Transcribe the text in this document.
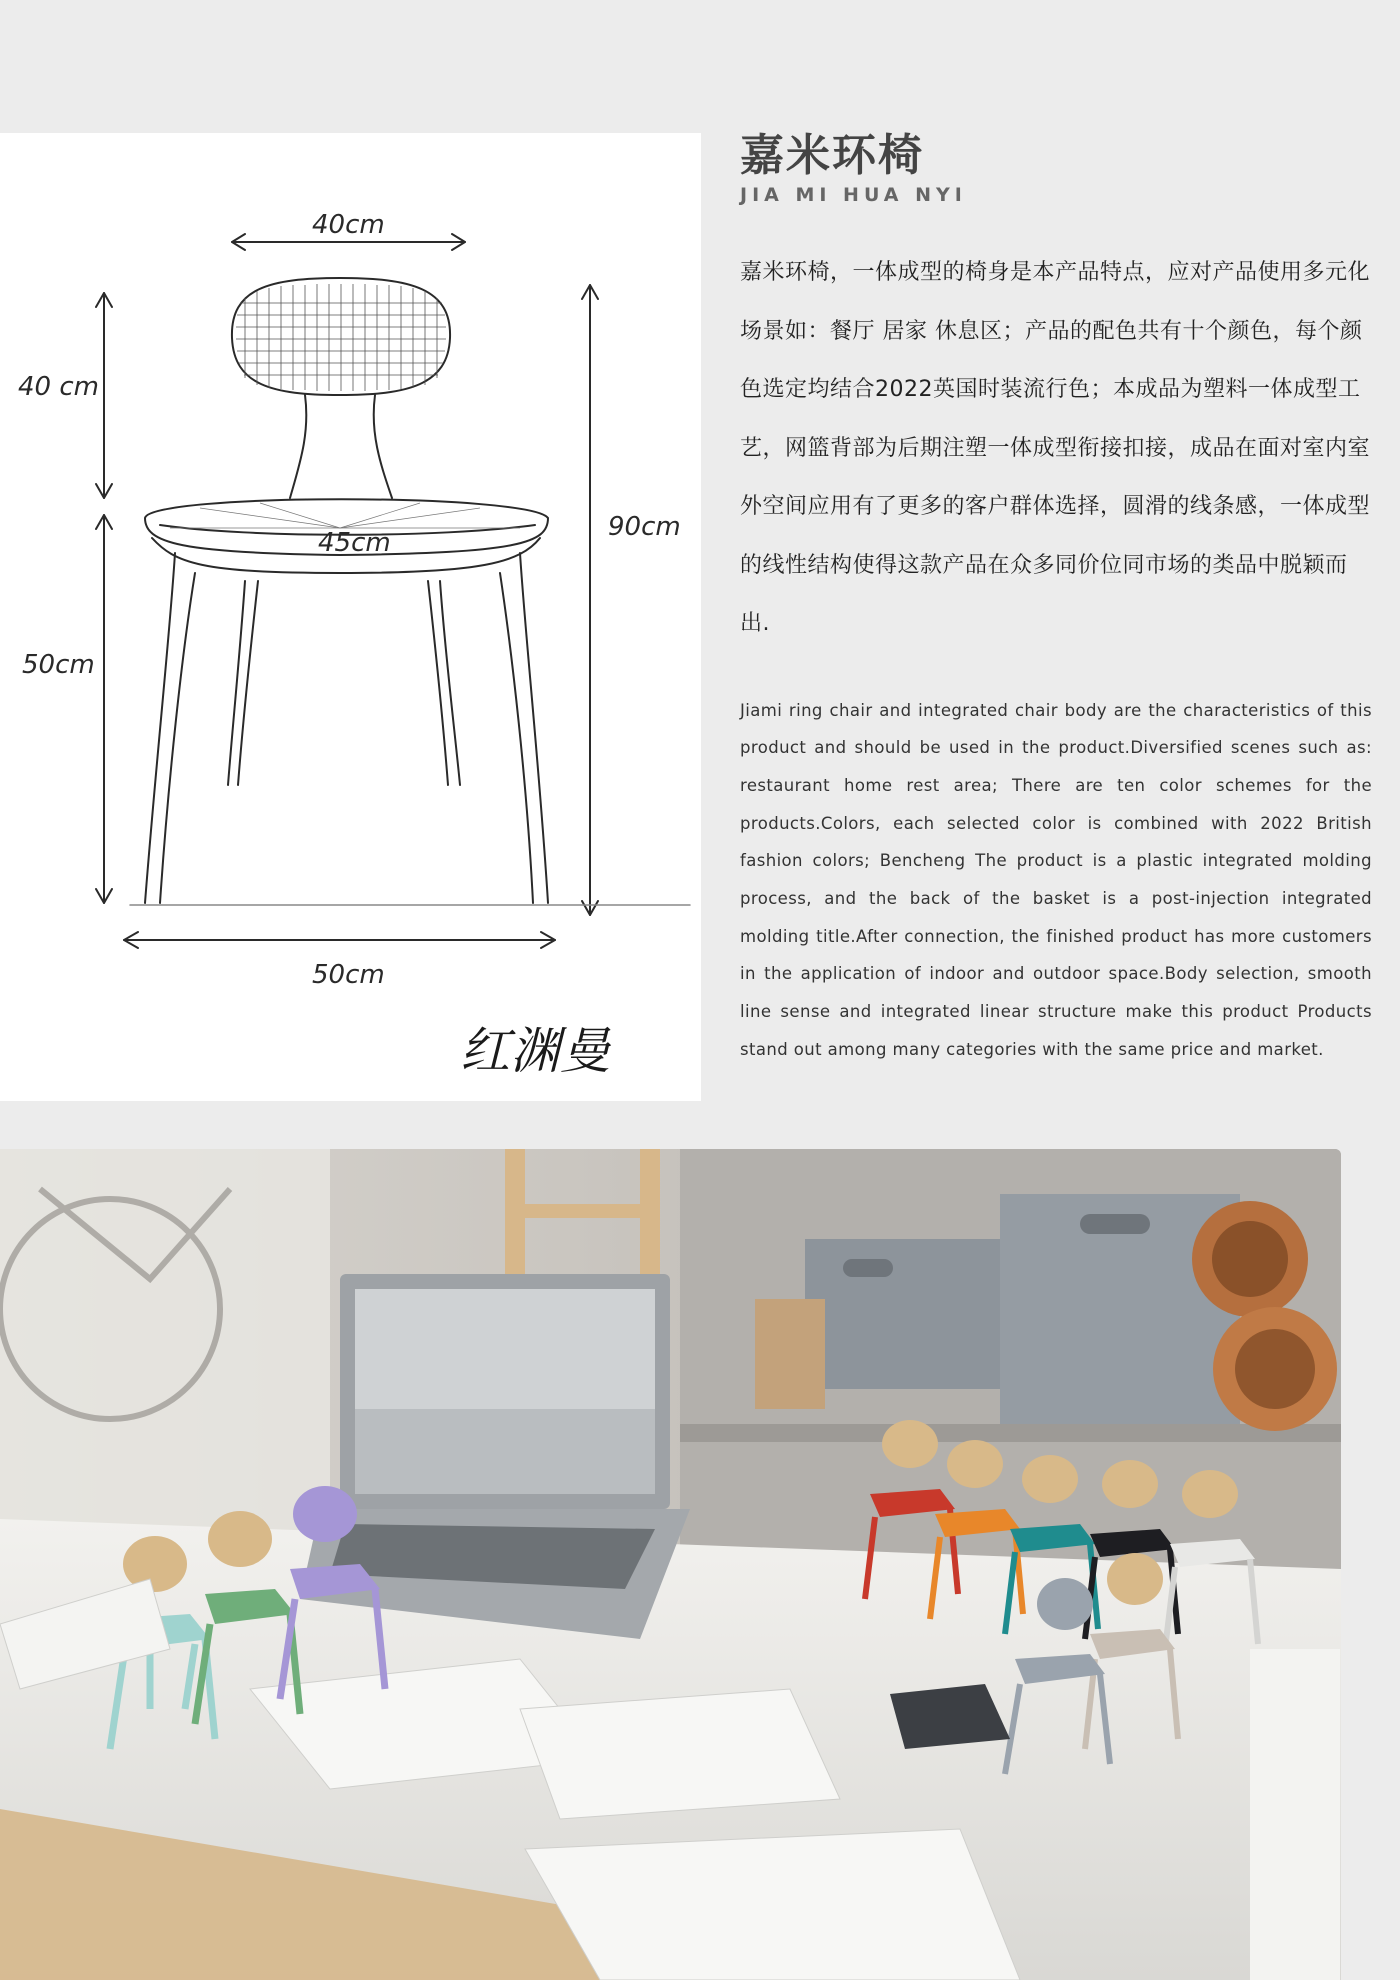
40cm
40 cm
45cm
90cm
50cm
50cm
红渊曼
嘉米环椅
JIA MI HUA NYI

嘉米环椅，一体成型的椅身是本产品特点，应对产品使用多元化场景如：餐厅 居家 休息区；产品的配色共有十个颜色，每个颜色选定均结合2022英国时装流行色；本成品为塑料一体成型工艺，网篮背部为后期注塑一体成型衔接扣接，成品在面对室内室外空间应用有了更多的客户群体选择，圆滑的线条感，一体成型的线性结构使得这款产品在众多同价位同市场的类品中脱颖而出.

Jiami ring chair and integrated chair body are the characteristics of this product and should be used in the product.Diversified scenes such as: restaurant home rest area; There are ten color schemes for the products.Colors, each selected color is combined with 2022 British fashion colors; Bencheng The product is a plastic integrated molding process, and the back of the basket is a post-injection integrated molding title.After connection, the finished product has more customers in the application of indoor and outdoor space.Body selection, smooth line sense and integrated linear structure make this product Products stand out among many categories with the same price and market.
